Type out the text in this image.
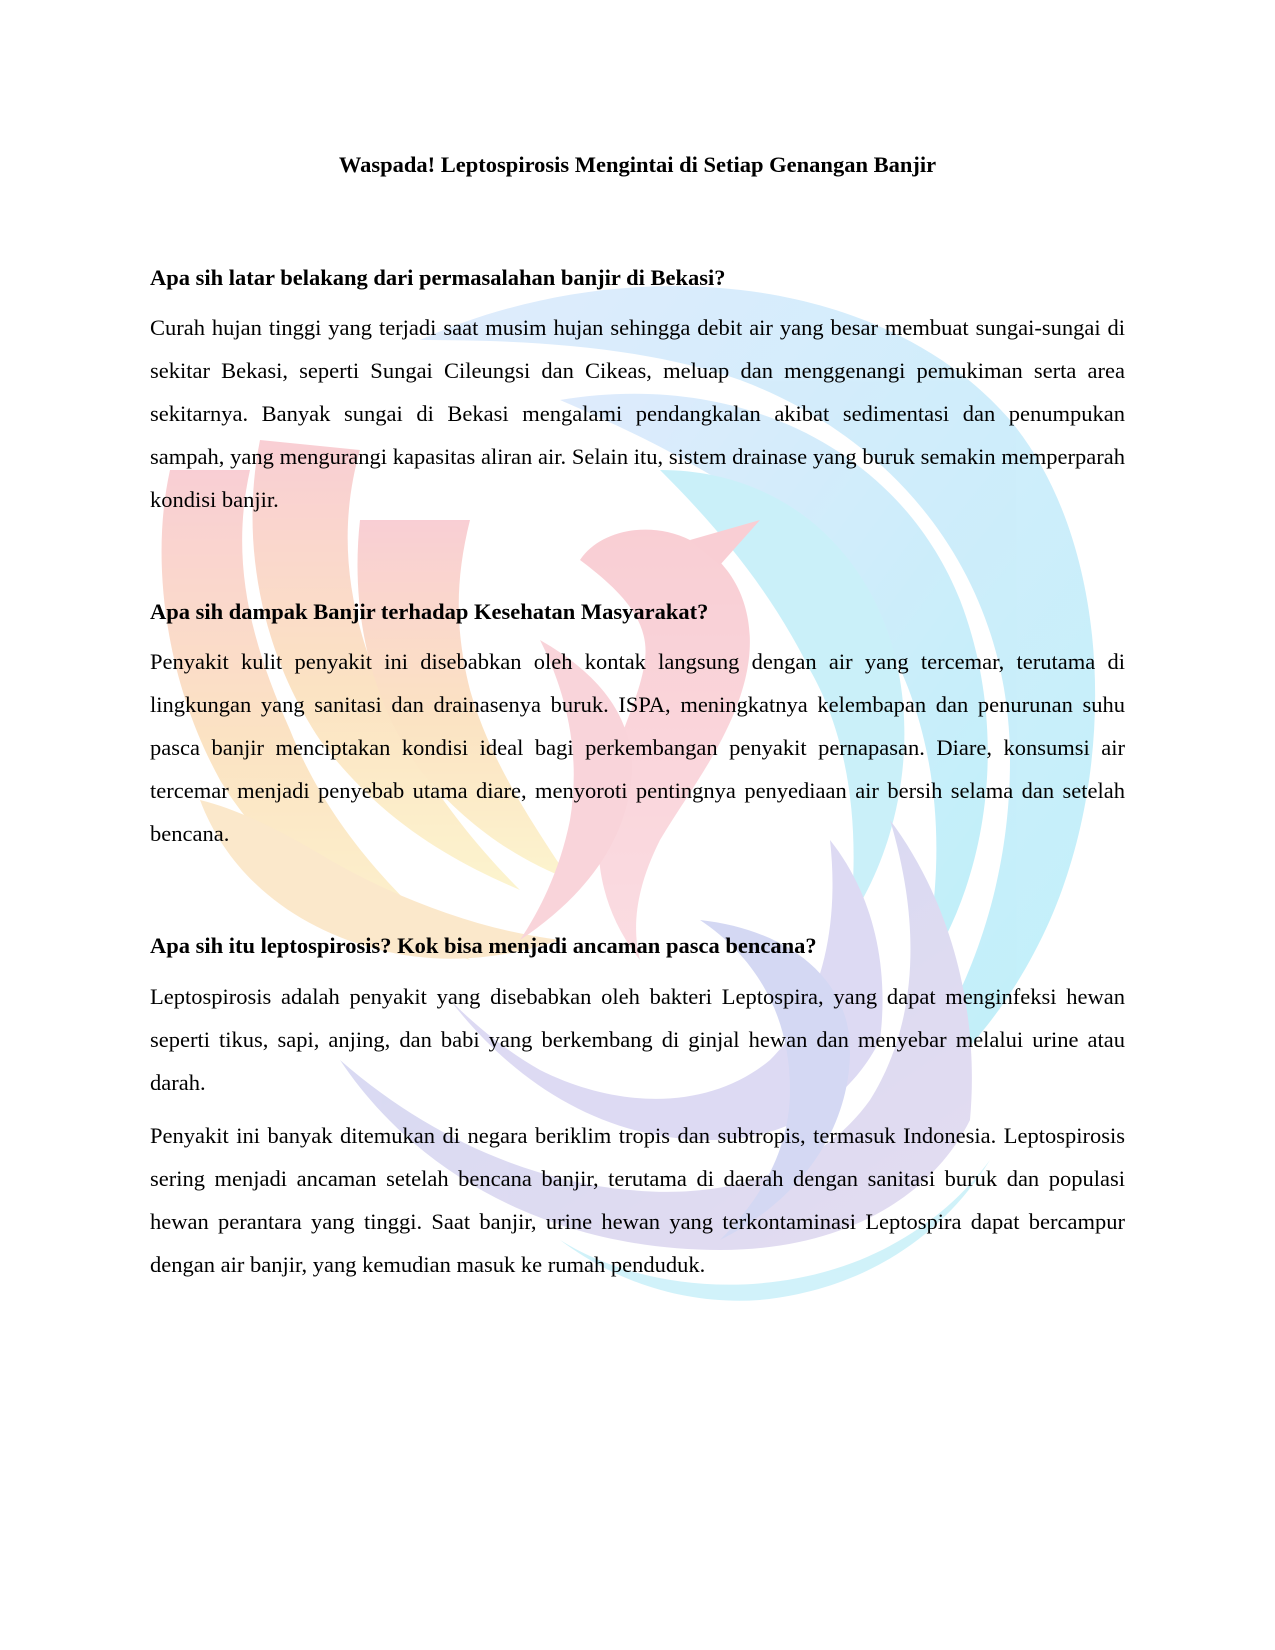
Waspada! Leptospirosis Mengintai di Setiap Genangan Banjir
Apa sih latar belakang dari permasalahan banjir di Bekasi?

Curah hujan tinggi yang terjadi saat musim hujan sehingga debit air yang besar membuat sungai-sungai di sekitar Bekasi, seperti Sungai Cileungsi dan Cikeas, meluap dan menggenangi pemukiman serta area sekitarnya. Banyak sungai di Bekasi mengalami pendangkalan akibat sedimentasi dan penumpukan sampah, yang mengurangi kapasitas aliran air. Selain itu, sistem drainase yang buruk semakin memperparah kondisi banjir.

Apa sih dampak Banjir terhadap Kesehatan Masyarakat?

Penyakit kulit penyakit ini disebabkan oleh kontak langsung dengan air yang tercemar, terutama di lingkungan yang sanitasi dan drainasenya buruk. ISPA, meningkatnya kelembapan dan penurunan suhu pasca banjir menciptakan kondisi ideal bagi perkembangan penyakit pernapasan. Diare, konsumsi air tercemar menjadi penyebab utama diare, menyoroti pentingnya penyediaan air bersih selama dan setelah bencana.

Apa sih itu leptospirosis? Kok bisa menjadi ancaman pasca bencana?

Leptospirosis adalah penyakit yang disebabkan oleh bakteri Leptospira, yang dapat menginfeksi hewan seperti tikus, sapi, anjing, dan babi yang berkembang di ginjal hewan dan menyebar melalui urine atau darah.

Penyakit ini banyak ditemukan di negara beriklim tropis dan subtropis, termasuk Indonesia. Leptospirosis sering menjadi ancaman setelah bencana banjir, terutama di daerah dengan sanitasi buruk dan populasi hewan perantara yang tinggi. Saat banjir, urine hewan yang terkontaminasi Leptospira dapat bercampur dengan air banjir, yang kemudian masuk ke rumah penduduk.
